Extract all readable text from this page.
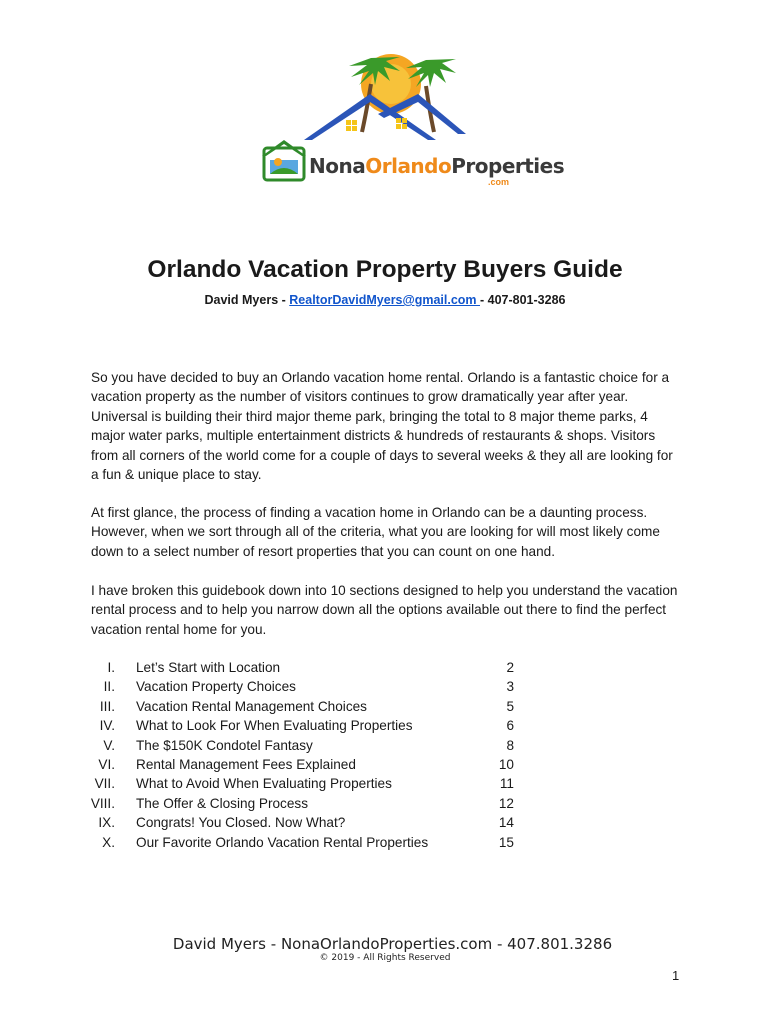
NonaOrlandoProperties
.com
Orlando Vacation Property Buyers Guide
David Myers - RealtorDavidMyers@gmail.com - 407-801-3286

So you have decided to buy an Orlando vacation home rental. Orlando is a fantastic choice for a vacation property as the number of visitors continues to grow dramatically year after year. Universal is building their third major theme park, bringing the total to 8 major theme parks, 4 major water parks, multiple entertainment districts & hundreds of restaurants & shops. Visitors from all corners of the world come for a couple of days to several weeks & they all are looking for a fun & unique place to stay.

At first glance, the process of finding a vacation home in Orlando can be a daunting process. However, when we sort through all of the criteria, what you are looking for will most likely come down to a select number of resort properties that you can count on one hand.

I have broken this guidebook down into 10 sections designed to help you understand the vacation rental process and to help you narrow down all the options available out there to find the perfect vacation rental home for you.

I. Let’s Start with Location	2
II. Vacation Property Choices	3
III. Vacation Rental Management Choices	5
IV. What to Look For When Evaluating Properties	6
V. The $150K Condotel Fantasy	8
VI. Rental Management Fees Explained	10
VII. What to Avoid When Evaluating Properties	11
VIII. The Offer & Closing Process	12
IX. Congrats! You Closed. Now What?	14
X. Our Favorite Orlando Vacation Rental Properties	15
David Myers - NonaOrlandoProperties.com - 407.801.3286
© 2019 - All Rights Reserved
1
